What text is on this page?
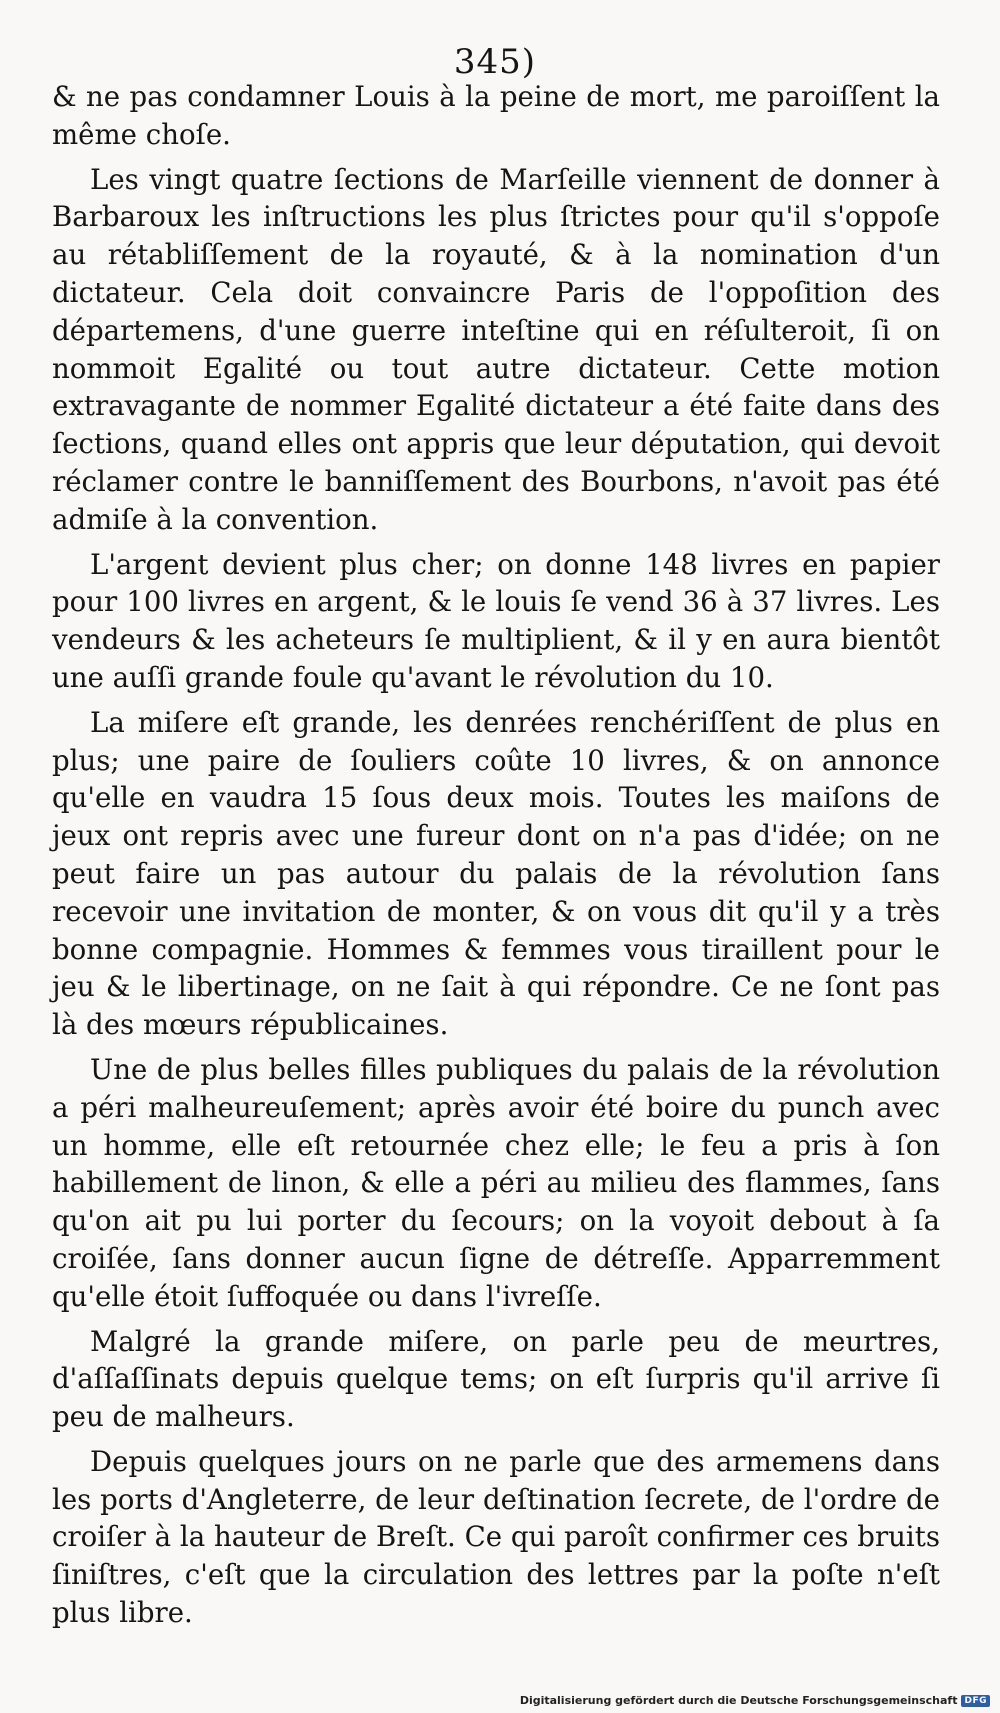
345)

& ne pas condamner Louis à la peine de mort, me paroiſſent la même choſe.

Les vingt quatre ſections de Marſeille viennent de donner à Barbaroux les inſtructions les plus ſtrictes pour qu'il s'oppoſe au rétabliſſement de la royauté, & à la nomination d'un dictateur. Cela doit convaincre Paris de l'oppoſition des départemens, d'une guerre inteſtine qui en réſulteroit, ſi on nommoit Egalité ou tout autre dictateur. Cette motion extravagante de nommer Egalité dictateur a été faite dans des ſections, quand elles ont appris que leur députation, qui devoit réclamer contre le banniſſement des Bourbons, n'avoit pas été admiſe à la convention.

L'argent devient plus cher; on donne 148 livres en papier pour 100 livres en argent, & le louis ſe vend 36 à 37 livres. Les vendeurs & les acheteurs ſe multiplient, & il y en aura bientôt une auſſi grande foule qu'avant le révolution du 10.

La miſere eſt grande, les denrées renchériſſent de plus en plus; une paire de ſouliers coûte 10 livres, & on annonce qu'elle en vaudra 15 ſous deux mois. Toutes les maiſons de jeux ont repris avec une fureur dont on n'a pas d'idée; on ne peut faire un pas autour du palais de la révolution ſans recevoir une invitation de monter, & on vous dit qu'il y a très bonne compagnie. Hommes & femmes vous tiraillent pour le jeu & le libertinage, on ne ſait à qui répondre. Ce ne ſont pas là des mœurs républicaines.

Une de plus belles filles publiques du palais de la révolution a péri malheureuſement; après avoir été boire du punch avec un homme, elle eſt retournée chez elle; le feu a pris à ſon habillement de linon, & elle a péri au milieu des flammes, ſans qu'on ait pu lui porter du ſecours; on la voyoit debout à ſa croiſée, ſans donner aucun ſigne de détreſſe. Apparremment qu'elle étoit ſuffoquée ou dans l'ivreſſe.

Malgré la grande miſere, on parle peu de meurtres, d'aſſaſſinats depuis quelque tems; on eſt ſurpris qu'il arrive ſi peu de malheurs.

Depuis quelques jours on ne parle que des armemens dans les ports d'Angleterre, de leur deſtination ſecrete, de l'ordre de croiſer à la hauteur de Breſt. Ce qui paroît confirmer ces bruits ſiniſtres, c'eſt que la circulation des lettres par la poſte n'eſt plus libre.

Digitalisierung gefördert durch die Deutsche Forschungsgemeinschaft DFG
